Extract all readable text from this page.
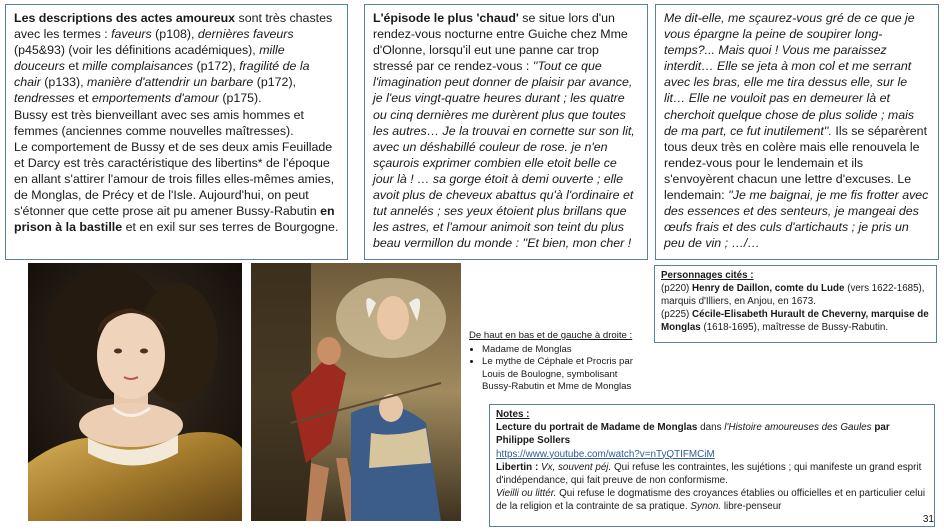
Les descriptions des actes amoureux sont très chastes avec les termes : faveurs (p108), dernières faveurs (p45&93) (voir les définitions académiques), mille douceurs et mille complaisances (p172), fragilité de la chair (p133), manière d'attendrir un barbare (p172), tendresses et emportements d'amour (p175).
Bussy est très bienveillant avec ses amis hommes et femmes (anciennes comme nouvelles maîtresses).
Le comportement de Bussy et de ses deux amis Feuillade et Darcy est très caractéristique des libertins* de l'époque en allant s'attirer l'amour de trois filles elles-mêmes amies, de Monglas, de Précy et de l'Isle. Aujourd'hui, on peut s'étonner que cette prose ait pu amener Bussy-Rabutin en prison à la bastille et en exil sur ses terres de Bourgogne.
L'épisode le plus 'chaud' se situe lors d'un rendez-vous nocturne entre Guiche chez Mme d'Olonne, lorsqu'il eut une panne car trop stressé par ce rendez-vous : ''Tout ce que l'imagination peut donner de plaisir par avance, je l'eus vingt-quatre heures durant ; les quatre ou cinq dernières me durèrent plus que toutes les autres… Je la trouvai en cornette sur son lit, avec un déshabillé couleur de rose. je n'en sçaurois exprimer combien elle etoit belle ce jour là ! … sa gorge étoit à demi ouverte ; elle avoit plus de cheveux abattus qu'à l'ordinaire et tut annelés ; ses yeux étoient plus brillans que les astres, et l'amour animoit son teint du plus beau vermillon du monde : ''Et bien, mon cher !
Me dit-elle, me sçaurez-vous gré de ce que je vous épargne la peine de soupirer long-temps?... Mais quoi ! Vous me paraissez interdit… Elle se jeta à mon col et me serrant avec les bras, elle me tira dessus elle, sur le lit… Elle ne vouloit pas en demeurer là et cherchoit quelque chose de plus solide ; mais de ma part, ce fut inutilement''. Ils se séparèrent tous deux très en colère mais elle renouvela le rendez-vous pour le lendemain et ils s'envoyèrent chacun une lettre d'excuses. Le lendemain: ''Je me baignai, je me fis frotter avec des essences et des senteurs, je mangeai des œufs frais et des culs d'artichauts ; je pris un peu de vin ; …/…
De haut en bas et de gauche à droite :
• Madame de Monglas
• Le mythe de Céphale et Procris par Louis de Boulogne, symbolisant Bussy-Rabutin et Mme de Monglas
Personnages cités :
(p220) Henry de Daillon, comte du Lude (vers 1622-1685), marquis d'Illiers, en Anjou, en 1673.
(p225) Cécile-Elisabeth Hurault de Cheverny, marquise de Monglas (1618-1695), maîtresse de Bussy-Rabutin.
Notes :
Lecture du portrait de Madame de Monglas dans l'Histoire amoureuses des Gaules par Philippe Sollers
https://www.youtube.com/watch?v=nTyQTIFMCiM
Libertin : Vx, souvent péj. Qui refuse les contraintes, les sujétions ; qui manifeste un grand esprit d'indépendance, qui fait preuve de non conformisme.
Vieilli ou littér. Qui refuse le dogmatisme des croyances établies ou officielles et en particulier celui de la religion et la contrainte de sa pratique. Synon. libre-penseur
31
